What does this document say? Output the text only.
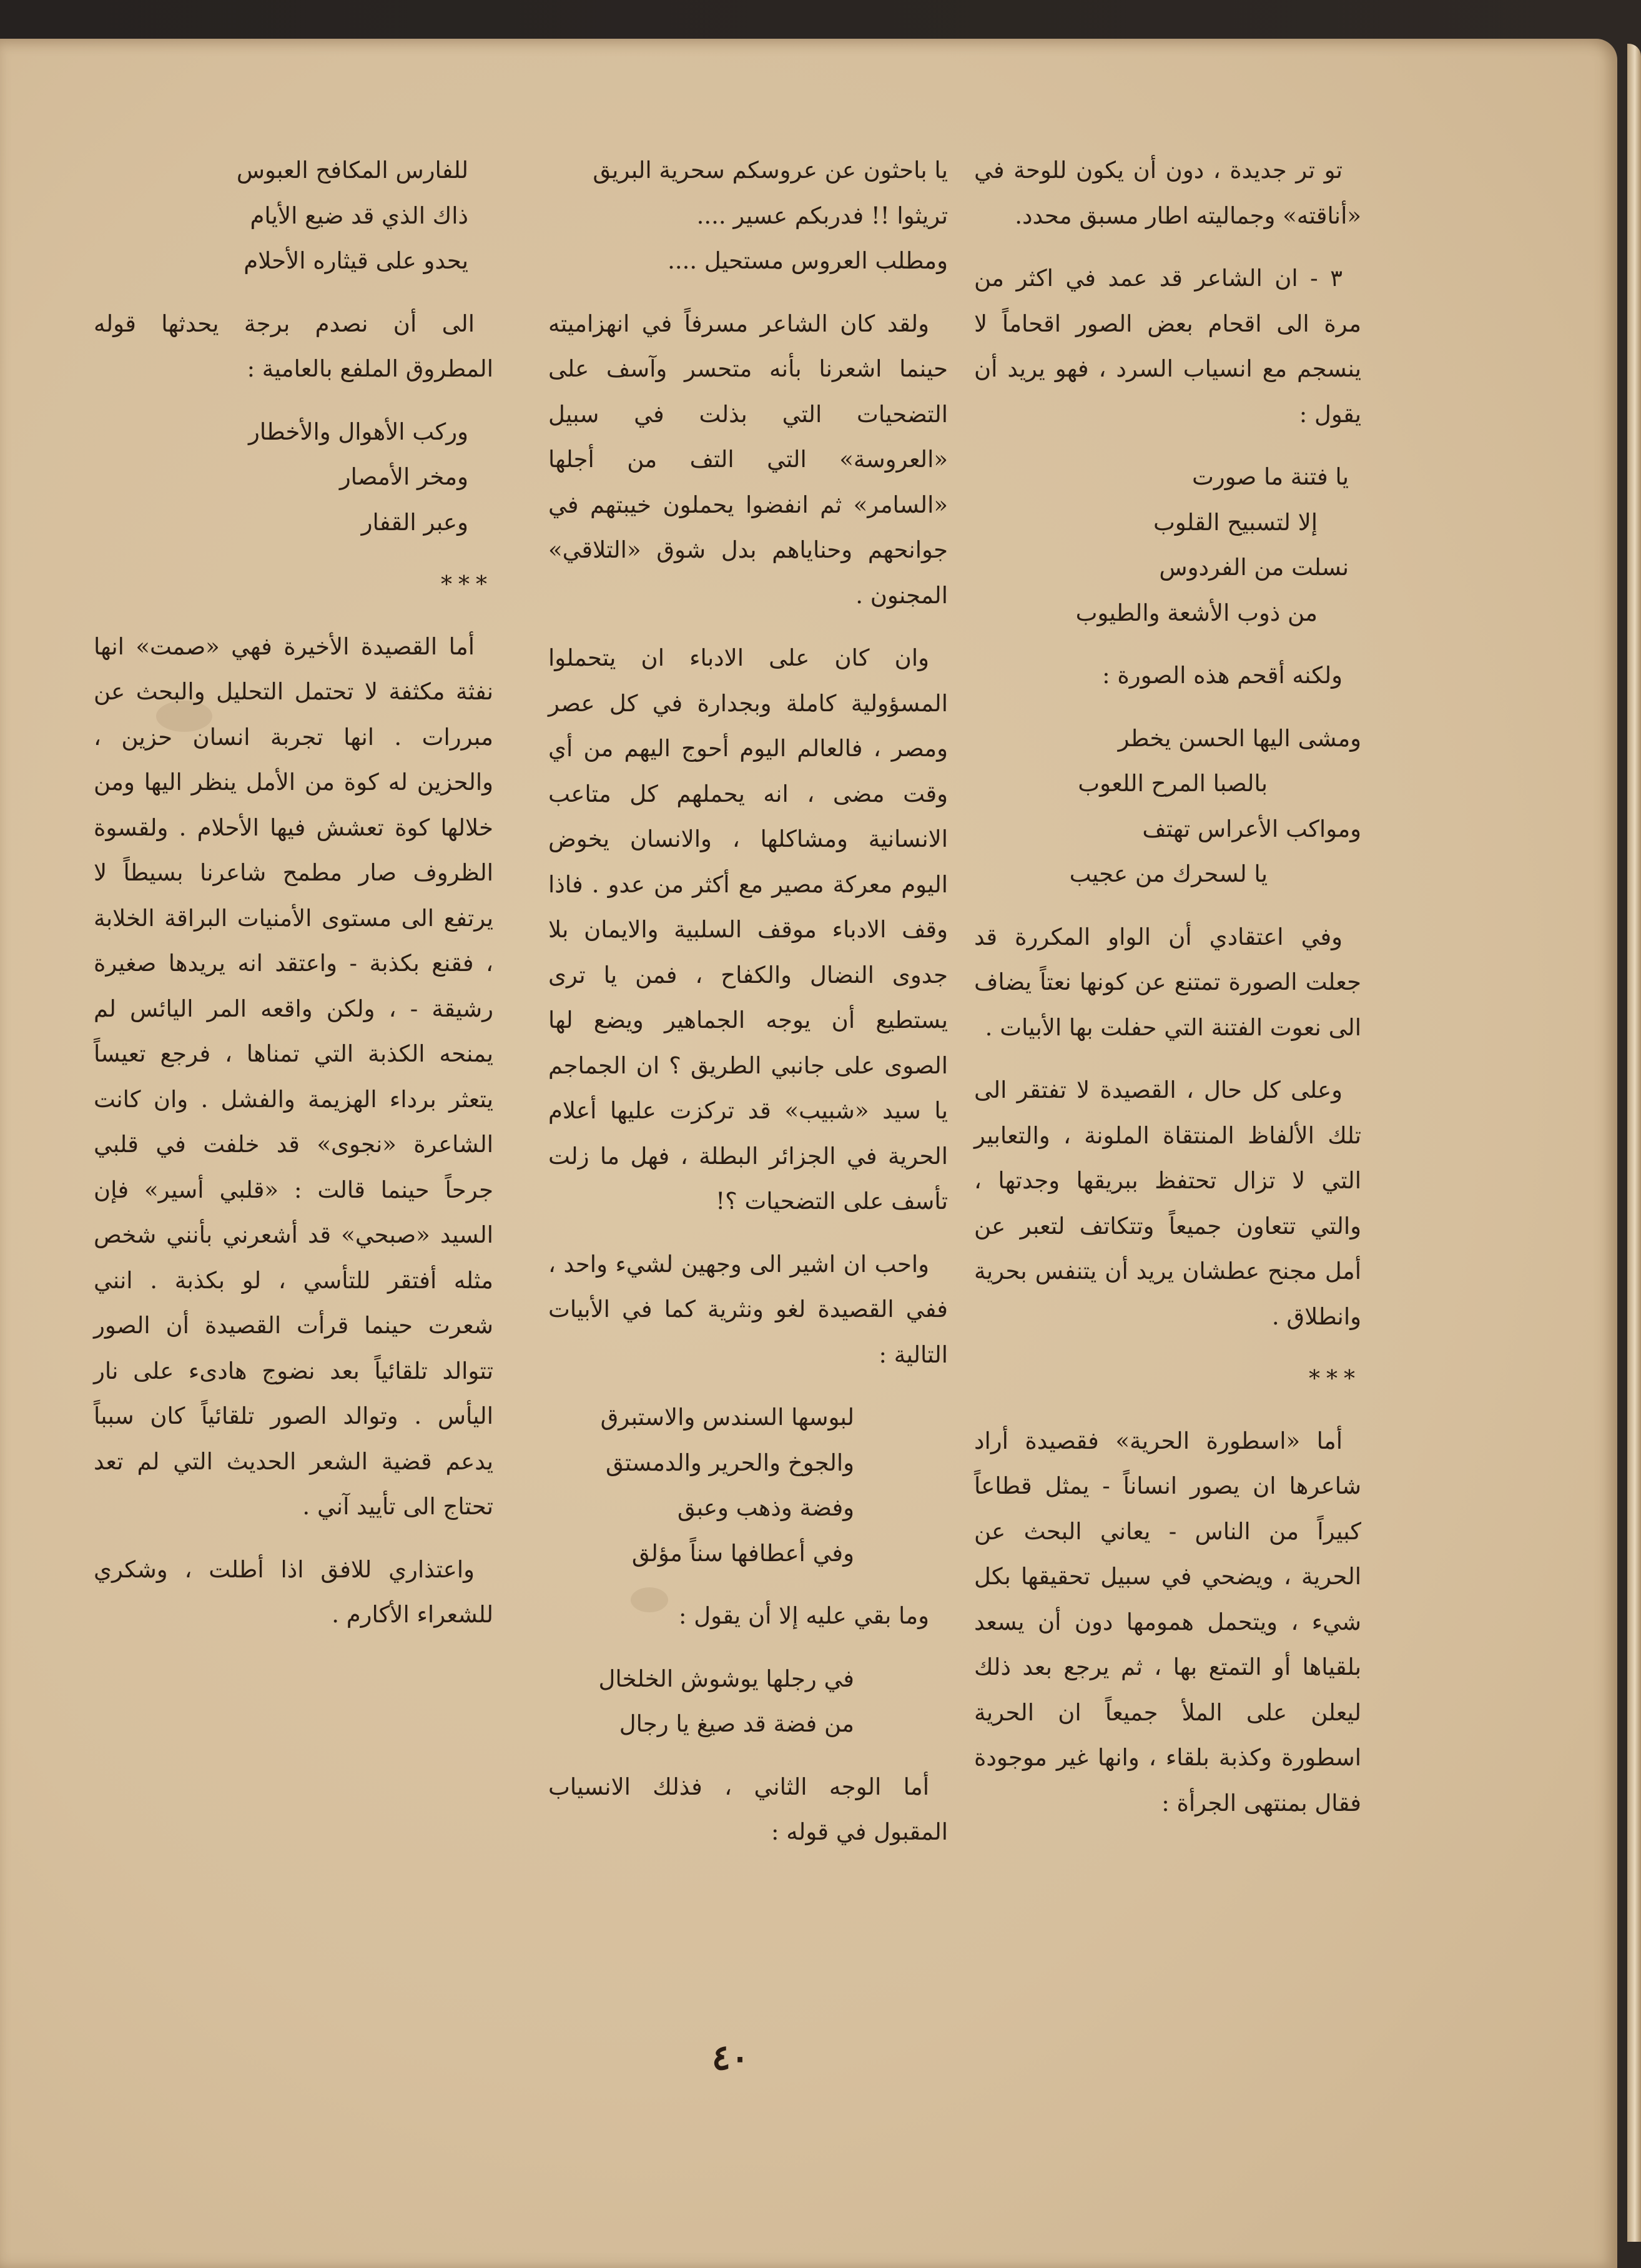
تو تر جديدة ، دون أن يكون للوحة في «أناقته» وجماليته اطار مسبق محدد.
٣ - ان الشاعر قد عمد في اكثر من مرة الى اقحام بعض الصور اقحاماً لا ينسجم مع انسياب السرد ، فهو يريد أن يقول :
يا فتنة ما صورت
إلا لتسبيح القلوب
نسلت من الفردوس
من ذوب الأشعة والطيوب
ولكنه أقحم هذه الصورة :
ومشى اليها الحسن يخطر
بالصبا المرح اللعوب
ومواكب الأعراس تهتف
يا لسحرك من عجيب
وفي اعتقادي أن الواو المكررة قد جعلت الصورة تمتنع عن كونها نعتاً يضاف الى نعوت الفتنة التي حفلت بها الأبيات .
وعلى كل حال ، القصيدة لا تفتقر الى تلك الألفاظ المنتقاة الملونة ، والتعابير التي لا تزال تحتفظ ببريقها وجدتها ، والتي تتعاون جميعاً وتتكاتف لتعبر عن أمل مجنح عطشان يريد أن يتنفس بحرية وانطلاق .
***
أما «اسطورة الحرية» فقصيدة أراد شاعرها ان يصور انساناً - يمثل قطاعاً كبيراً من الناس - يعاني البحث عن الحرية ، ويضحي في سبيل تحقيقها بكل شيء ، ويتحمل همومها دون أن يسعد بلقياها أو التمتع بها ، ثم يرجع بعد ذلك ليعلن على الملأ جميعاً ان الحرية اسطورة وكذبة بلقاء ، وانها غير موجودة فقال بمنتهى الجرأة :
يا باحثون عن عروسكم سحرية البريق
تريثوا !! فدربكم عسير ....
ومطلب العروس مستحيل ....
ولقد كان الشاعر مسرفاً في انهزاميته حينما اشعرنا بأنه متحسر وآسف على التضحيات التي بذلت في سبيل «العروسة» التي التف من أجلها «السامر» ثم انفضوا يحملون خيبتهم في جوانحهم وحناياهم بدل شوق «التلاقي» المجنون .
وان كان على الادباء ان يتحملوا المسؤولية كاملة وبجدارة في كل عصر ومصر ، فالعالم اليوم أحوج اليهم من أي وقت مضى ، انه يحملهم كل متاعب الانسانية ومشاكلها ، والانسان يخوض اليوم معركة مصير مع أكثر من عدو . فاذا وقف الادباء موقف السلبية والايمان بلا جدوى النضال والكفاح ، فمن يا ترى يستطيع أن يوجه الجماهير ويضع لها الصوى على جانبي الطريق ؟ ان الجماجم يا سيد «شبيب» قد تركزت عليها أعلام الحرية في الجزائر البطلة ، فهل ما زلت تأسف على التضحيات ؟!
واحب ان اشير الى وجهين لشيء واحد ، ففي القصيدة لغو ونثرية كما في الأبيات التالية :
لبوسها السندس والاستبرق
والجوخ والحرير والدمستق
وفضة وذهب وعبق
وفي أعطافها سناً مؤلق
وما بقي عليه إلا أن يقول :
في رجلها يوشوش الخلخال
من فضة قد صيغ يا رجال
أما الوجه الثاني ، فذلك الانسياب المقبول في قوله :
للفارس المكافح العبوس
ذاك الذي قد ضيع الأيام
يحدو على قيثاره الأحلام
الى أن نصدم برجة يحدثها قوله المطروق الملفع بالعامية :
وركب الأهوال والأخطار
ومخر الأمصار
وعبر القفار
***
أما القصيدة الأخيرة فهي «صمت» انها نفثة مكثفة لا تحتمل التحليل والبحث عن مبررات . انها تجربة انسان حزين ، والحزين له كوة من الأمل ينظر اليها ومن خلالها كوة تعشش فيها الأحلام . ولقسوة الظروف صار مطمح شاعرنا بسيطاً لا يرتفع الى مستوى الأمنيات البراقة الخلابة ، فقنع بكذبة - واعتقد انه يريدها صغيرة رشيقة - ، ولكن واقعه المر اليائس لم يمنحه الكذبة التي تمناها ، فرجع تعيساً يتعثر برداء الهزيمة والفشل . وان كانت الشاعرة «نجوى» قد خلفت في قلبي جرحاً حينما قالت : «قلبي أسير» فإن السيد «صبحي» قد أشعرني بأنني شخص مثله أفتقر للتأسي ، لو بكذبة . انني شعرت حينما قرأت القصيدة أن الصور تتوالد تلقائياً بعد نضوج هادىء على نار اليأس . وتوالد الصور تلقائياً كان سبباً يدعم قضية الشعر الحديث التي لم تعد تحتاج الى تأييد آني .
واعتذاري للافق اذا أطلت ، وشكري للشعراء الأكارم .
٤٠
